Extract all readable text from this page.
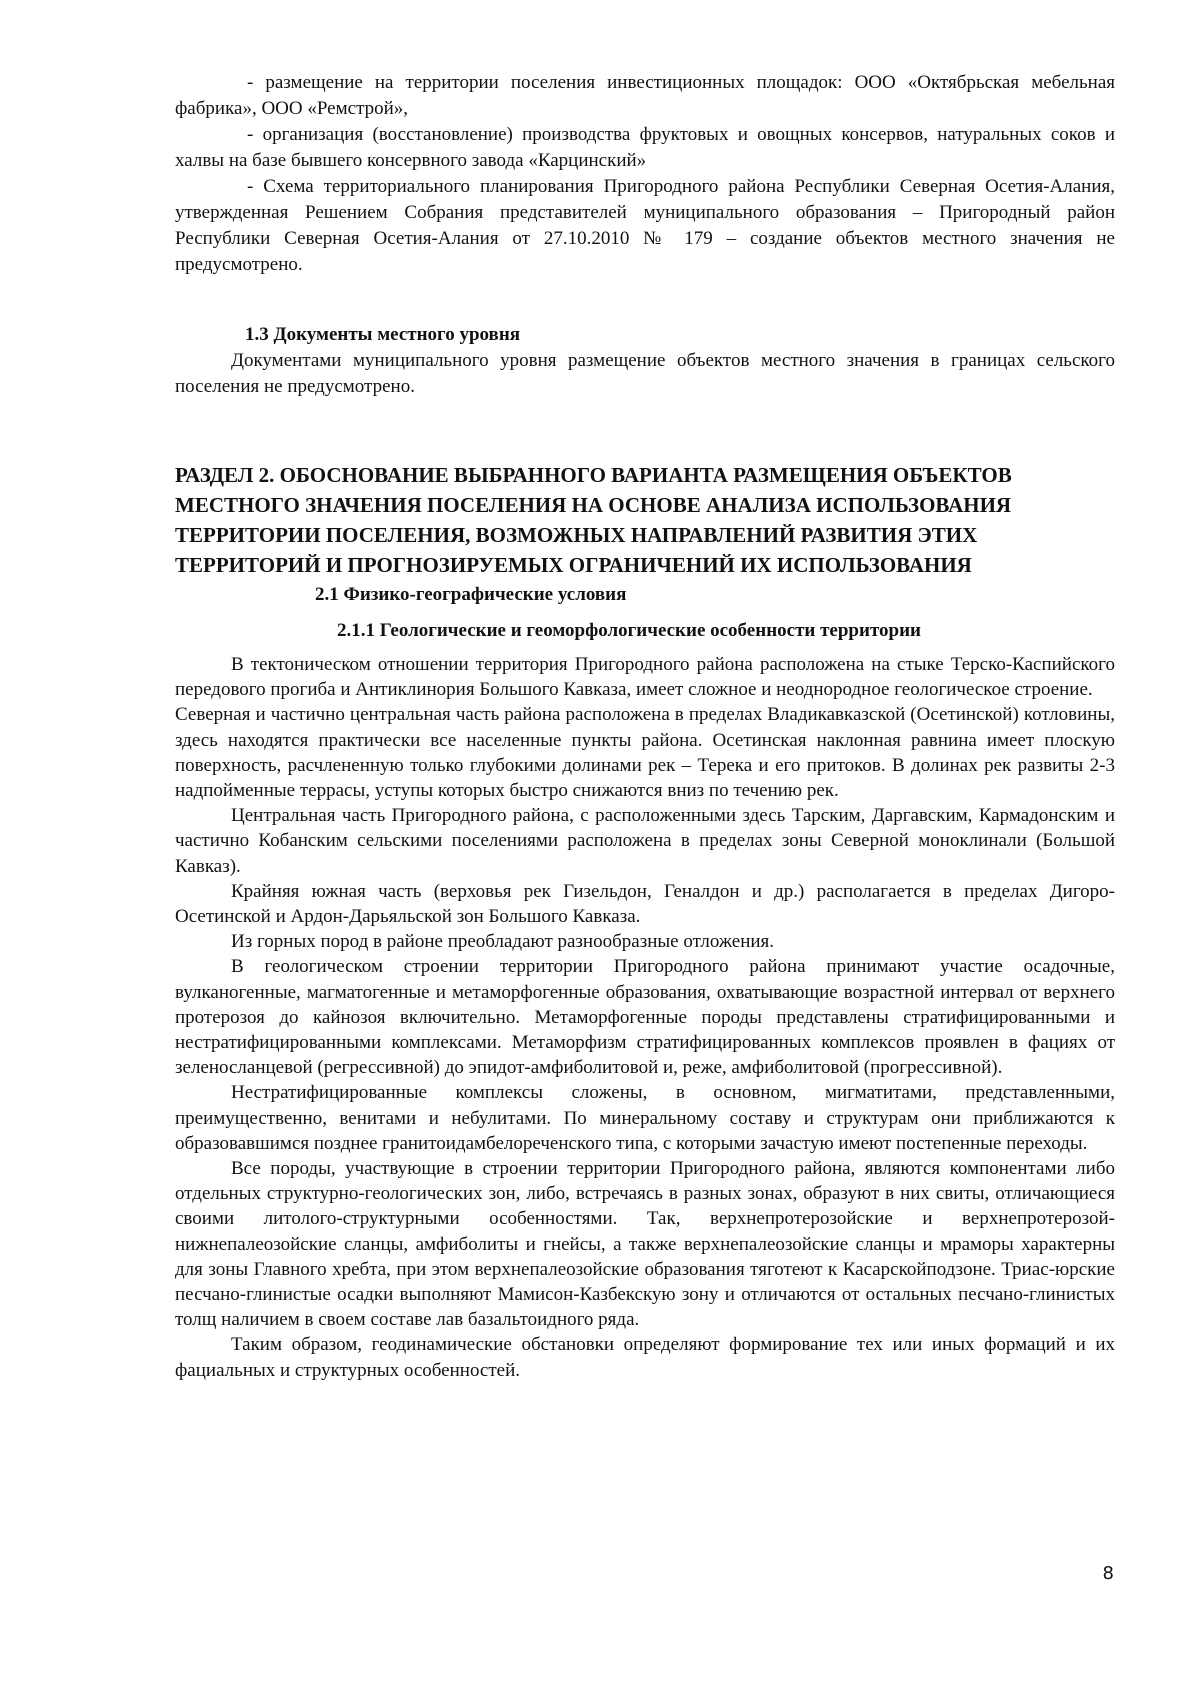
- размещение на территории поселения инвестиционных площадок: ООО «Октябрьская мебельная фабрика», ООО «Ремстрой»,

- организация (восстановление) производства фруктовых и овощных консервов, натуральных соков и халвы на базе бывшего консервного завода «Карцинский»

- Схема территориального планирования Пригородного района Республики Северная Осетия-Алания, утвержденная Решением Собрания представителей муниципального образования – Пригородный район Республики Северная Осетия-Алания от 27.10.2010 № 179 – создание объектов местного значения не предусмотрено.

1.3 Документы местного уровня

Документами муниципального уровня размещение объектов местного значения в границах сельского поселения не предусмотрено.

РАЗДЕЛ 2. ОБОСНОВАНИЕ ВЫБРАННОГО ВАРИАНТА РАЗМЕЩЕНИЯ ОБЪЕКТОВ
МЕСТНОГО ЗНАЧЕНИЯ ПОСЕЛЕНИЯ НА ОСНОВЕ АНАЛИЗА ИСПОЛЬЗОВАНИЯ
ТЕРРИТОРИИ ПОСЕЛЕНИЯ, ВОЗМОЖНЫХ НАПРАВЛЕНИЙ РАЗВИТИЯ ЭТИХ
ТЕРРИТОРИЙ И ПРОГНОЗИРУЕМЫХ ОГРАНИЧЕНИЙ ИХ ИСПОЛЬЗОВАНИЯ
2.1 Физико-географические условия
2.1.1 Геологические и геоморфологические особенности территории

В тектоническом отношении территория Пригородного района расположена на стыке Терско-Каспийского передового прогиба и Антиклинория Большого Кавказа, имеет сложное и неоднородное геологическое строение.

Северная и частично центральная часть района расположена в пределах Владикавказской (Осетинской) котловины, здесь находятся практически все населенные пункты района. Осетинская наклонная равнина имеет плоскую поверхность, расчлененную только глубокими долинами рек – Терека и его притоков. В долинах рек развиты 2-3 надпойменные террасы, уступы которых быстро снижаются вниз по течению рек.

Центральная часть Пригородного района, с расположенными здесь Тарским, Даргавским, Кармадонским и частично Кобанским сельскими поселениями расположена в пределах зоны Северной моноклинали (Большой Кавказ).

Крайняя южная часть (верховья рек Гизельдон, Геналдон и др.) располагается в пределах Дигоро-Осетинской и Ардон-Дарьяльской зон Большого Кавказа.

Из горных пород в районе преобладают разнообразные отложения.

В геологическом строении территории Пригородного района принимают участие осадочные, вулканогенные, магматогенные и метаморфогенные образования, охватывающие возрастной интервал от верхнего протерозоя до кайнозоя включительно. Метаморфогенные породы представлены стратифицированными и нестратифицированными комплексами. Метаморфизм стратифицированных комплексов проявлен в фациях от зеленосланцевой (регрессивной) до эпидот-амфиболитовой и, реже, амфиболитовой (прогрессивной).

Нестратифицированные комплексы сложены, в основном, мигматитами, представленными, преимущественно, венитами и небулитами. По минеральному составу и структурам они приближаются к образовавшимся позднее гранитоидамбелореченского типа, с которыми зачастую имеют постепенные переходы.

Все породы, участвующие в строении территории Пригородного района, являются компонентами либо отдельных структурно-геологических зон, либо, встречаясь в разных зонах, образуют в них свиты, отличающиеся своими литолого-структурными особенностями. Так, верхнепротерозойские и верхнепротерозой-нижнепалеозойские сланцы, амфиболиты и гнейсы, а также верхнепалеозойские сланцы и мраморы характерны для зоны Главного хребта, при этом верхнепалеозойские образования тяготеют к Касарскойподзоне. Триас-юрские песчано-глинистые осадки выполняют Мамисон-Казбекскую зону и отличаются от остальных песчано-глинистых толщ наличием в своем составе лав базальтоидного ряда.

Таким образом, геодинамические обстановки определяют формирование тех или иных формаций и их фациальных и структурных особенностей.

8
